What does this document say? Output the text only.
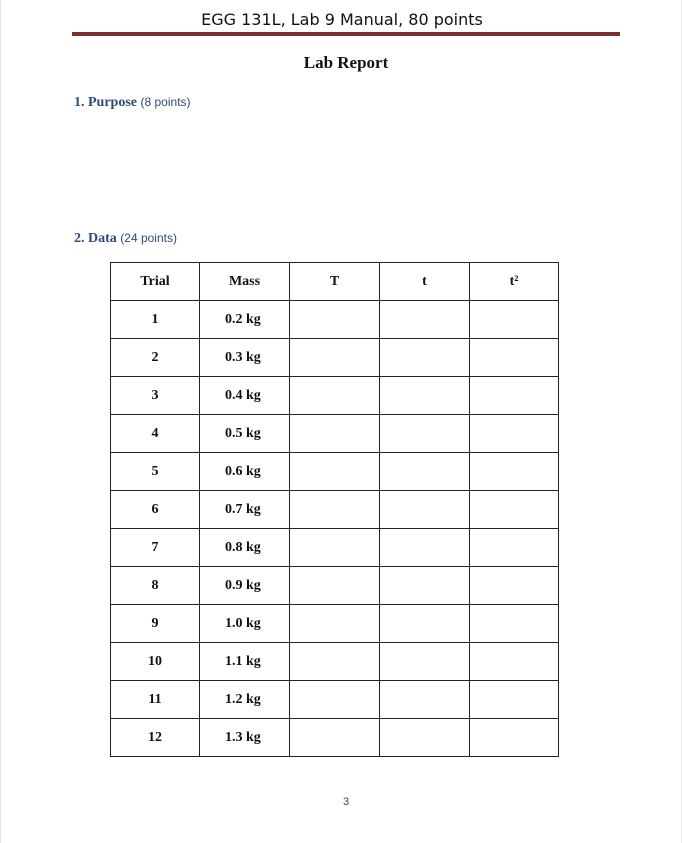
EGG 131L, Lab 9 Manual, 80 points
Lab Report
1. Purpose (8 points)
2. Data (24 points)
Trial	Mass	T	t	t²
1	0.2 kg			
2	0.3 kg			
3	0.4 kg			
4	0.5 kg			
5	0.6 kg			
6	0.7 kg			
7	0.8 kg			
8	0.9 kg			
9	1.0 kg			
10	1.1 kg			
11	1.2 kg			
12	1.3 kg			
3
